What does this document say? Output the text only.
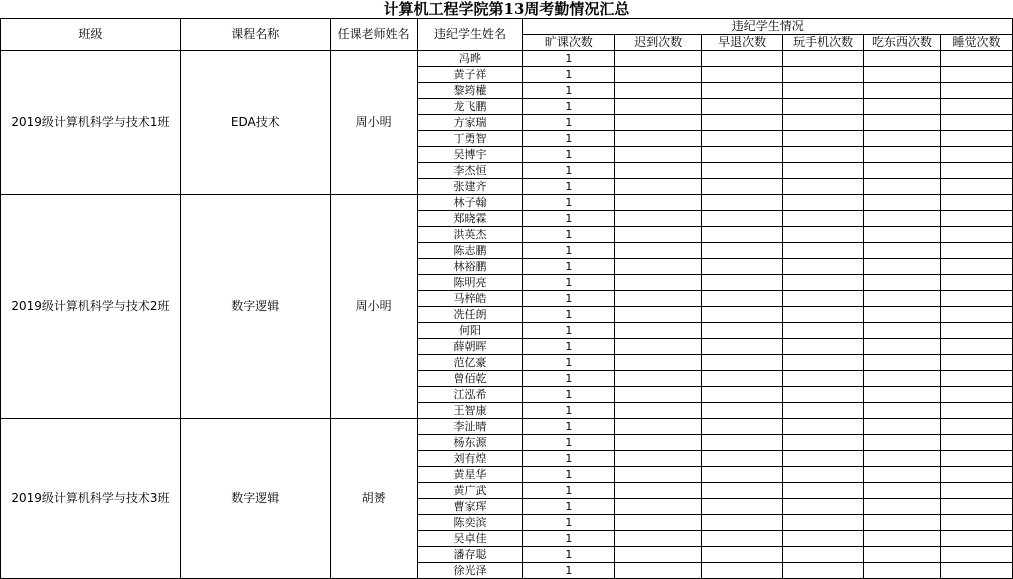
计算机工程学院第13周考勤情况汇总
班级	课程名称	任课老师姓名	违纪学生姓名	违纪学生情况					
				旷课次数	迟到次数	早退次数	玩手机次数	吃东西次数	睡觉次数
2019级计算机科学与技术1班	EDA技术	周小明	冯晔	1					
			黄子祥	1					
			黎筠權	1					
			龙飞鹏	1					
			方家瑞	1					
			丁勇智	1					
			吴博宇	1					
			李杰恒	1					
			张建齐	1					
2019级计算机科学与技术2班	数字逻辑	周小明	林子翰	1					
			郑晓霖	1					
			洪英杰	1					
			陈志鹏	1					
			林裕鹏	1					
			陈明亮	1					
			马梓皓	1					
			冼任朗	1					
			何阳	1					
			薛朝晖	1					
			范亿豪	1					
			曾佰乾	1					
			江泓希	1					
			王智康	1					
2019级计算机科学与技术3班	数字逻辑	胡赟	李沚晴	1					
			杨东源	1					
			刘有煌	1					
			黄星华	1					
			黄广武	1					
			曹家珲	1					
			陈奕滨	1					
			吴卓佳	1					
			潘存聪	1					
			徐光泽	1					
